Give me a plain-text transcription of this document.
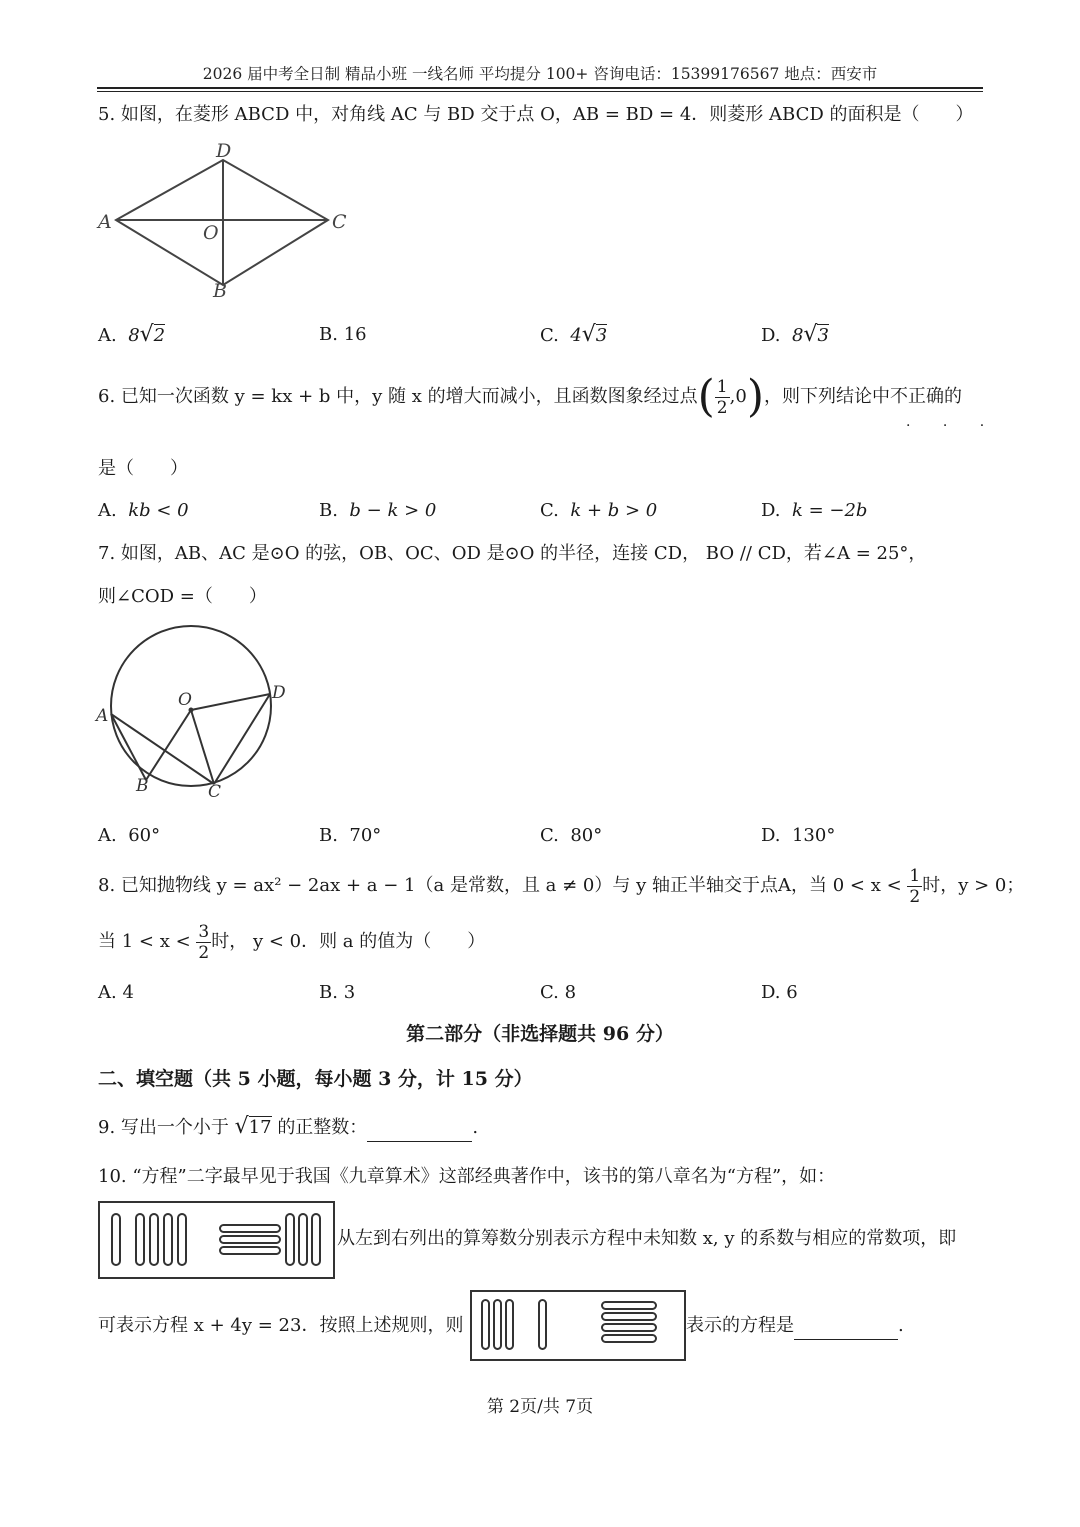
2026 届中考全日制 精品小班 一线名师 平均提分 100+ 咨询电话：15399176567 地点：西安市
5. 如图，在菱形 ABCD 中，对角线 AC 与 BD 交于点 O，AB = BD = 4．则菱形 ABCD 的面积是（　　）
A
D
C
B
O
A. 8√2	B. 16	C. 4√3	D. 8√3
6. 已知一次函数 y = kx + b 中，y 随 x 的增大而减小，且函数图象经过点( $\frac{1}{2} ,0$)，则下列结论中不正确的
· · ·
是（　　）
A. kb < 0	B. b − k > 0	C. k + b > 0	D. k = −2b
7. 如图，AB、AC 是⊙O 的弦，OB、OC、OD 是⊙O 的半径，连接 CD， BO // CD，若∠A = 25°，
则∠COD =（　　）
A
O	D
B	C
A. 60°	B. 70°	C. 80°	D. 130°
8. 已知抛物线 y = ax² − 2ax + a − 1（a 是常数，且 a ≠ 0）与 y 轴正半轴交于点A，当 $0 < x < \frac{1}{2}$ 时，y > 0；
当 $1 < x < \frac{3}{2}$ 时， y < 0．则 a 的值为（　　）
A. 4	B. 3	C. 8	D. 6
第二部分（非选择题共 96 分）
二、填空题（共 5 小题，每小题 3 分，计 15 分）
9. 写出一个小于 √17 的正整数：	.
10. “方程”二字最早见于我国《九章算术》这部经典著作中，该书的第八章名为“方程”，如：
从左到右列出的算筹数分别表示方程中未知数 x, y 的系数与相应的常数项，即
可表示方程 x + 4y = 23．按照上述规则，则	表示的方程是	.
第 2页/共 7页
